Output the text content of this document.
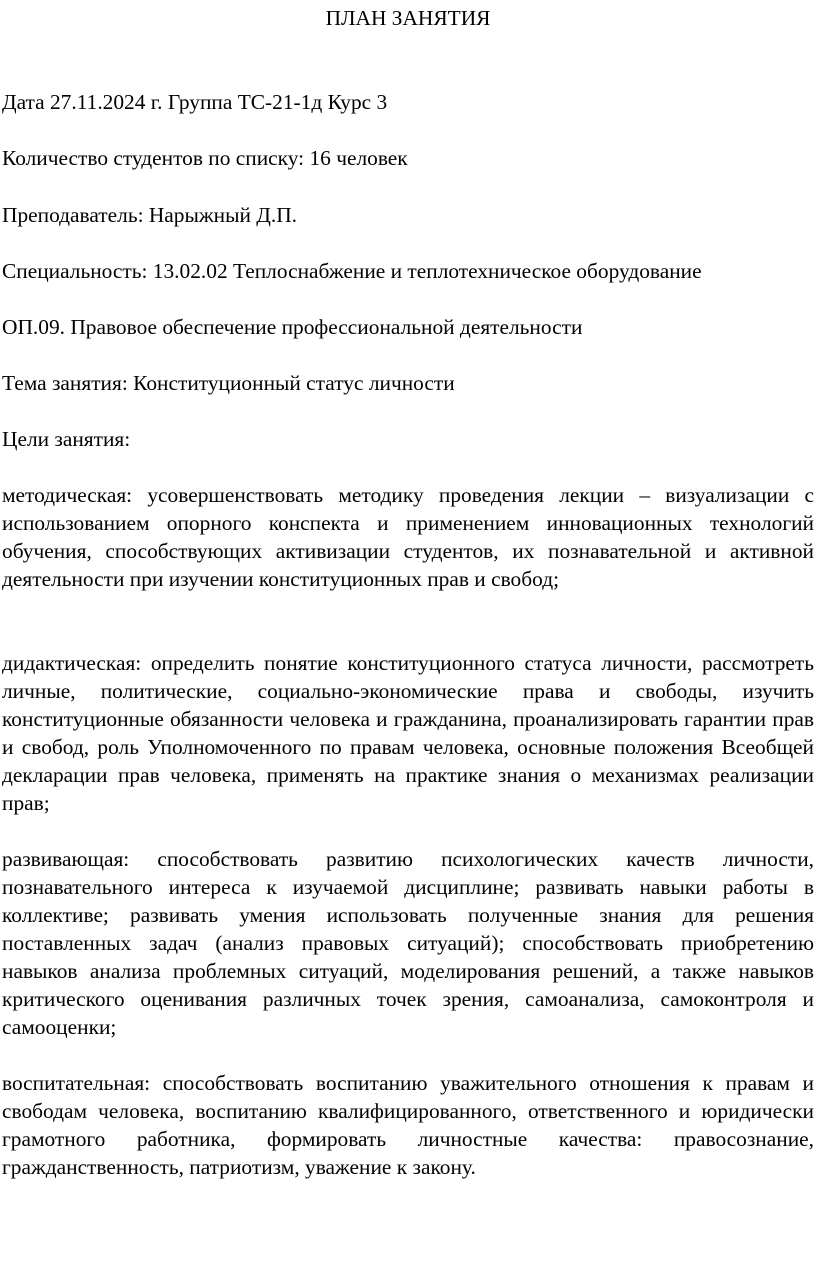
ПЛАН ЗАНЯТИЯ
Дата 27.11.2024 г. Группа ТС-21-1д Курс 3
Количество студентов по списку: 16 человек
Преподаватель: Нарыжный Д.П.
Специальность: 13.02.02 Теплоснабжение и теплотехническое оборудование
ОП.09. Правовое обеспечение профессиональной деятельности
Тема занятия: Конституционный статус личности
Цели занятия:
методическая: усовершенствовать методику проведения лекции – визуализации с использованием опорного конспекта и применением инновационных технологий обучения, способствующих активизации студентов, их познавательной и активной деятельности при изучении конституционных прав и свобод;
дидактическая: определить понятие конституционного статуса личности, рассмотреть личные, политические, социально-экономические права и свободы, изучить конституционные обязанности человека и гражданина, проанализировать гарантии прав и свобод, роль Уполномоченного по правам человека, основные положения Всеобщей декларации прав человека, применять на практике знания о механизмах реализации прав;
развивающая: способствовать развитию психологических качеств личности, познавательного интереса к изучаемой дисциплине; развивать навыки работы в коллективе; развивать умения использовать полученные знания для решения поставленных задач (анализ правовых ситуаций); способствовать приобретению навыков анализа проблемных ситуаций, моделирования решений, а также навыков критического оценивания различных точек зрения, самоанализа, самоконтроля и самооценки;
воспитательная: способствовать воспитанию уважительного отношения к правам и свободам человека, воспитанию квалифицированного, ответственного и юридически грамотного работника, формировать личностные качества: правосознание, гражданственность, патриотизм, уважение к закону.
